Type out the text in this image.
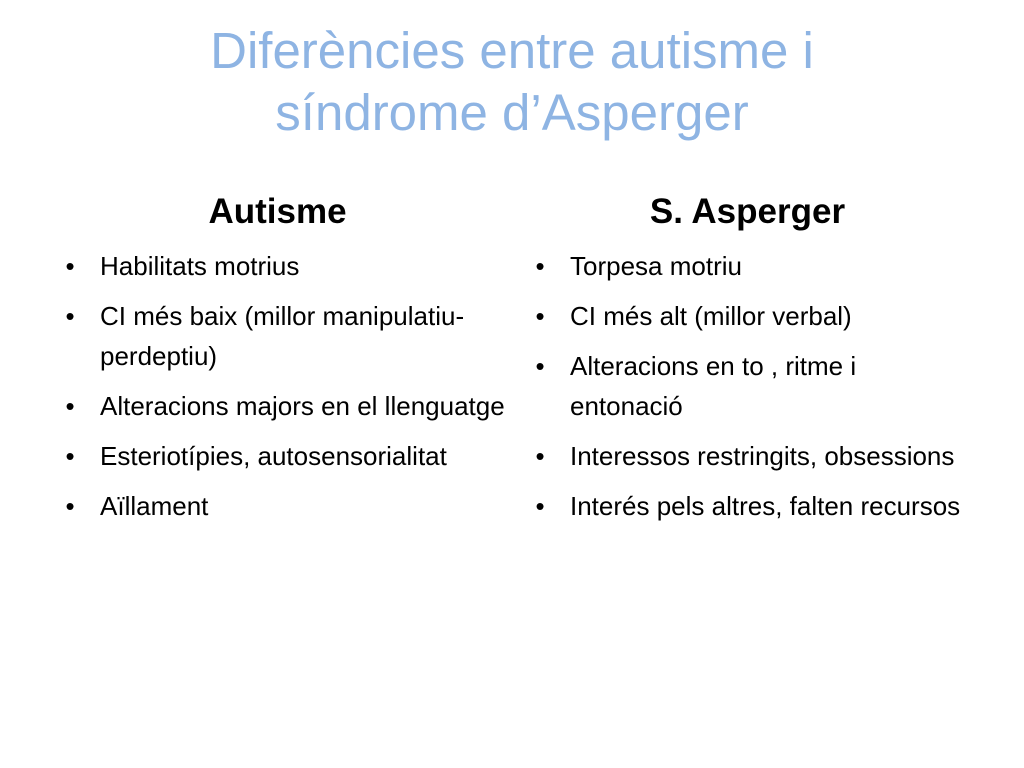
Diferències entre autisme i
síndrome d’Asperger
Autisme
• Habilitats motrius
• CI més baix (millor manipulatiu-perdeptiu)
• Alteracions majors en el llenguatge
• Esteriotípies, autosensorialitat
• Aïllament
S. Asperger
• Torpesa motriu
• CI més alt (millor verbal)
• Alteracions en to , ritme i entonació
• Interessos restringits, obsessions
• Interés pels altres, falten recursos
